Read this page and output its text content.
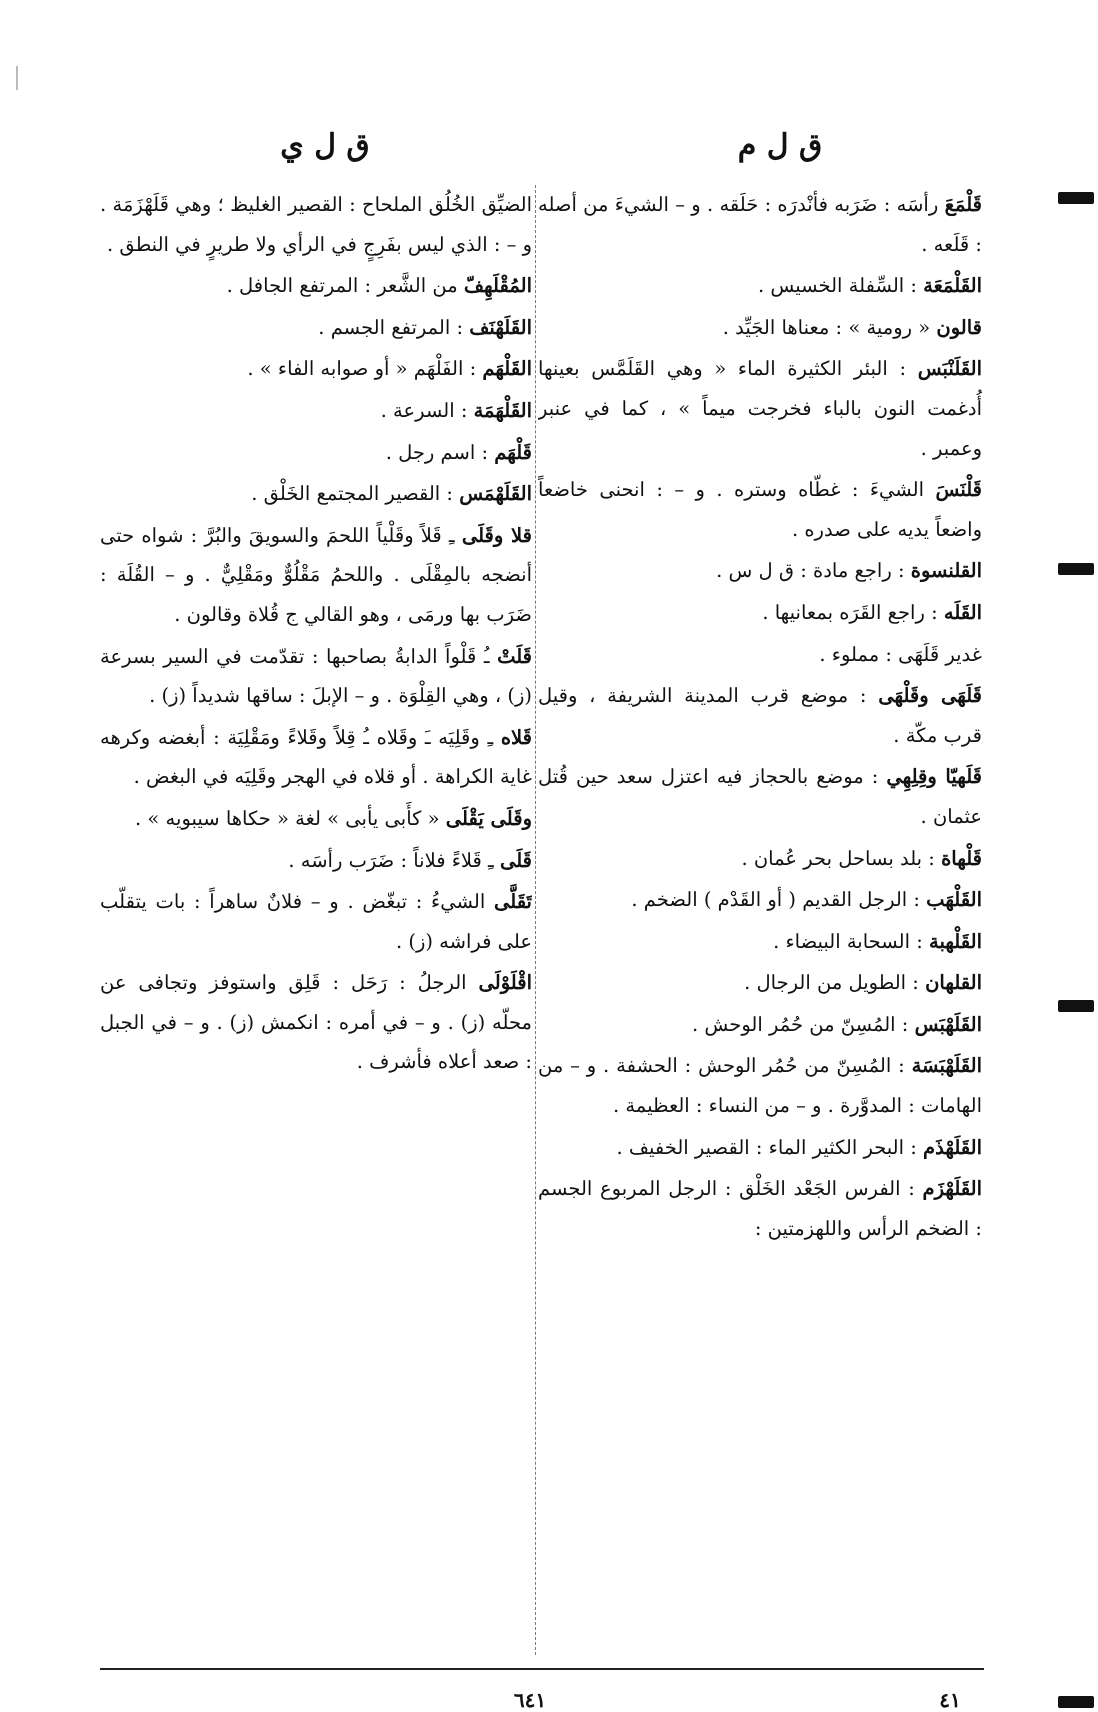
ق ل م
ق ل ي

قَلْمَعَ رأسَه : ضَرَبه فأنْدرَه : حَلَقه . و – الشيءَ من أصله : قَلَعه .

القَلْمَعَة : السِّفلة الخسيس .

قالون « رومية » : معناها الجَيِّد .

القَلَنْبَس : البئر الكثيرة الماء « وهي القَلَمَّس بعينها أُدغمت النون بالباء فخرجت ميماً » ، كما في عنبر وعمبر .

قَلْنَسَ الشيءَ : غطّاه وستره . و – : انحنى خاضعاً واضعاً يديه على صدره .

القلنسوة : راجع مادة : ق ل س .

القَلَه : راجع القَرَه بمعانيها .

غدير قَلَهَى : مملوء .

قَلَهَى وقَلْهَى : موضع قرب المدينة الشريفة ، وقيل قرب مكّة .

قَلَهيّا وقِلِهِي : موضع بالحجاز فيه اعتزل سعد حين قُتل عثمان .

قَلْهاة : بلد بساحل بحر عُمان .

القَلْهَب : الرجل القديم ( أو القَدْم ) الضخم .

القَلْهبة : السحابة البيضاء .

القلهان : الطويل من الرجال .

القَلَهْبَس : المُسِنّ من حُمُر الوحش .

القَلَهْبَسَة : المُسِنّ من حُمُر الوحش : الحشفة . و – من الهامات : المدوَّرة . و – من النساء : العظيمة .

القَلَهْذَم : البحر الكثير الماء : القصير الخفيف .

القَلَهْزَم : الفرس الجَعْد الخَلْق : الرجل المربوع الجسم : الضخم الرأس واللهزمتين :

الضيِّق الخُلُق الملحاح : القصير الغليظ ؛ وهي قَلَهْزَمَة . و – : الذي ليس بفَرِجٍ في الرأي ولا طريرٍ في النطق .

المُقْلَهِفّ من الشَّعر : المرتفع الجافل .

القَلَهْنَف : المرتفع الجسم .

القَلْهَم : الفَلْهَم « أو صوابه الفاء » .

القَلْهَمَة : السرعة .

قَلْهَم : اسم رجل .

القَلَهْمَس : القصير المجتمع الخَلْق .

قلا وقَلَى ـِ قَلاً وقَلْياً اللحمَ والسويقَ والبُرَّ : شواه حتى أنضجه بالمِقْلَى . واللحمُ مَقْلُوٌّ ومَقْلِيٌّ . و – القُلَة : ضَرَب بها ورمَى ، وهو القالي ج قُلاة وقالون .

قَلَتْ ـُ قَلْواً الدابةُ بصاحبها : تقدّمت في السير بسرعة (ز) ، وهي القِلْوَة . و – الإبلَ : ساقها شديداً (ز) .

قَلاه ـِ وقَلِيَه ـَ وقَلاه ـُ قِلاً وقَلاءً ومَقْلِيَة : أبغضه وكرهه غاية الكراهة . أو قلاه في الهجر وقَلِيَه في البغض .

وقَلَى يَقْلَى « كأَبى يأبى » لغة « حكاها سيبويه » .

قَلَى ـِ قَلاءً فلاناً : ضَرَب رأسَه .

تَقَلَّى الشيءُ : تبغّض . و – فلانٌ ساهراً : بات يتقلّب على فراشه (ز) .

اقْلَوْلَى الرجلُ : رَحَل : قَلِق واستوفز وتجافى عن محلّه (ز) . و – في أمره : انكمش (ز) . و – في الجبل : صعد أعلاه فأشرف .

٦٤١	٤١
